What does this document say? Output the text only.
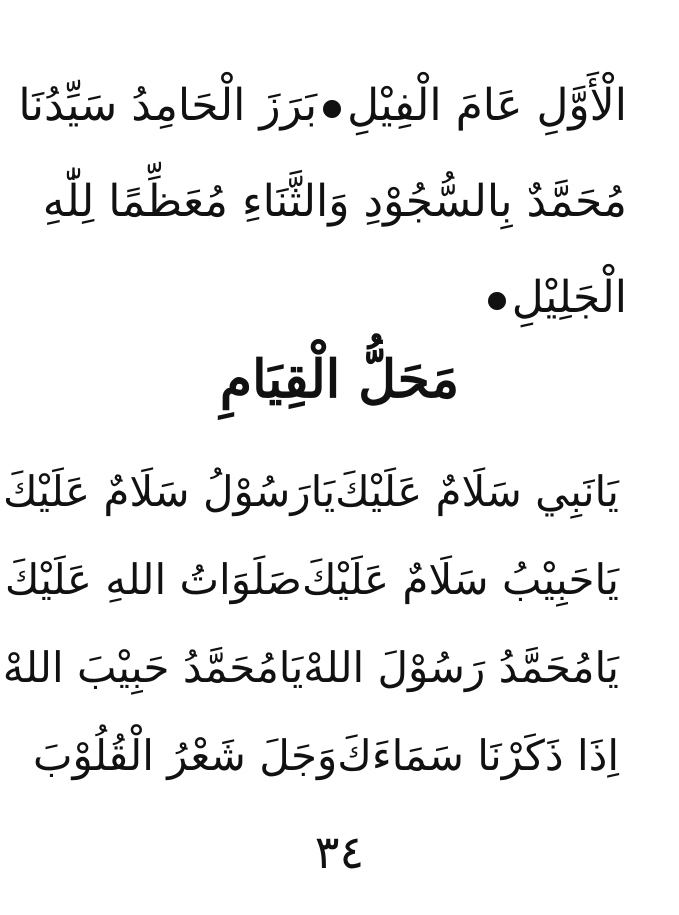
الْأَوَّلِ عَامَ الْفِيْلِبَرَزَ الْحَامِدُ سَيِّدُنَا
مُحَمَّدٌ بِالسُّجُوْدِ وَالثَّنَاءِ مُعَظِّمًا لِلّٰهِ
الْجَلِيْلِ
مَحَلُّ الْقِيَامِ
يَانَبِي سَلَامٌ عَلَيْكَ
يَارَسُوْلُ سَلَامٌ عَلَيْكَ
يَاحَبِيْبُ سَلَامٌ عَلَيْكَ
صَلَوَاتُ اللهِ عَلَيْكَ
يَامُحَمَّدُ رَسُوْلَ اللهْ
يَامُحَمَّدُ حَبِيْبَ اللهْ
اِذَا ذَكَرْنَا سَمَاءَكَ
وَجَلَ شَعْرُ الْقُلُوْبَ
٣٤
